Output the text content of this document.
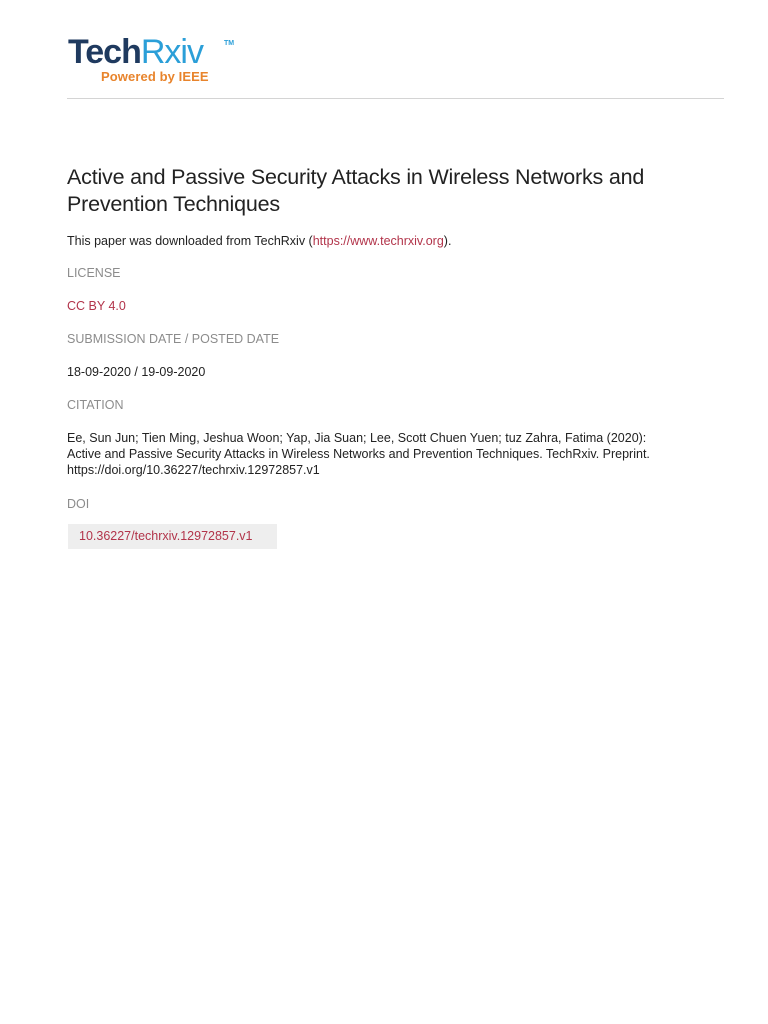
TechRxiv	TM
Powered by IEEE
Active and Passive Security Attacks in Wireless Networks and Prevention Techniques
This paper was downloaded from TechRxiv (https://www.techrxiv.org).
LICENSE
CC BY 4.0
SUBMISSION DATE / POSTED DATE
18-09-2020 / 19-09-2020
CITATION
Ee, Sun Jun; Tien Ming, Jeshua Woon; Yap, Jia Suan; Lee, Scott Chuen Yuen; tuz Zahra, Fatima (2020):
Active and Passive Security Attacks in Wireless Networks and Prevention Techniques. TechRxiv. Preprint.
https://doi.org/10.36227/techrxiv.12972857.v1
DOI
10.36227/techrxiv.12972857.v1
